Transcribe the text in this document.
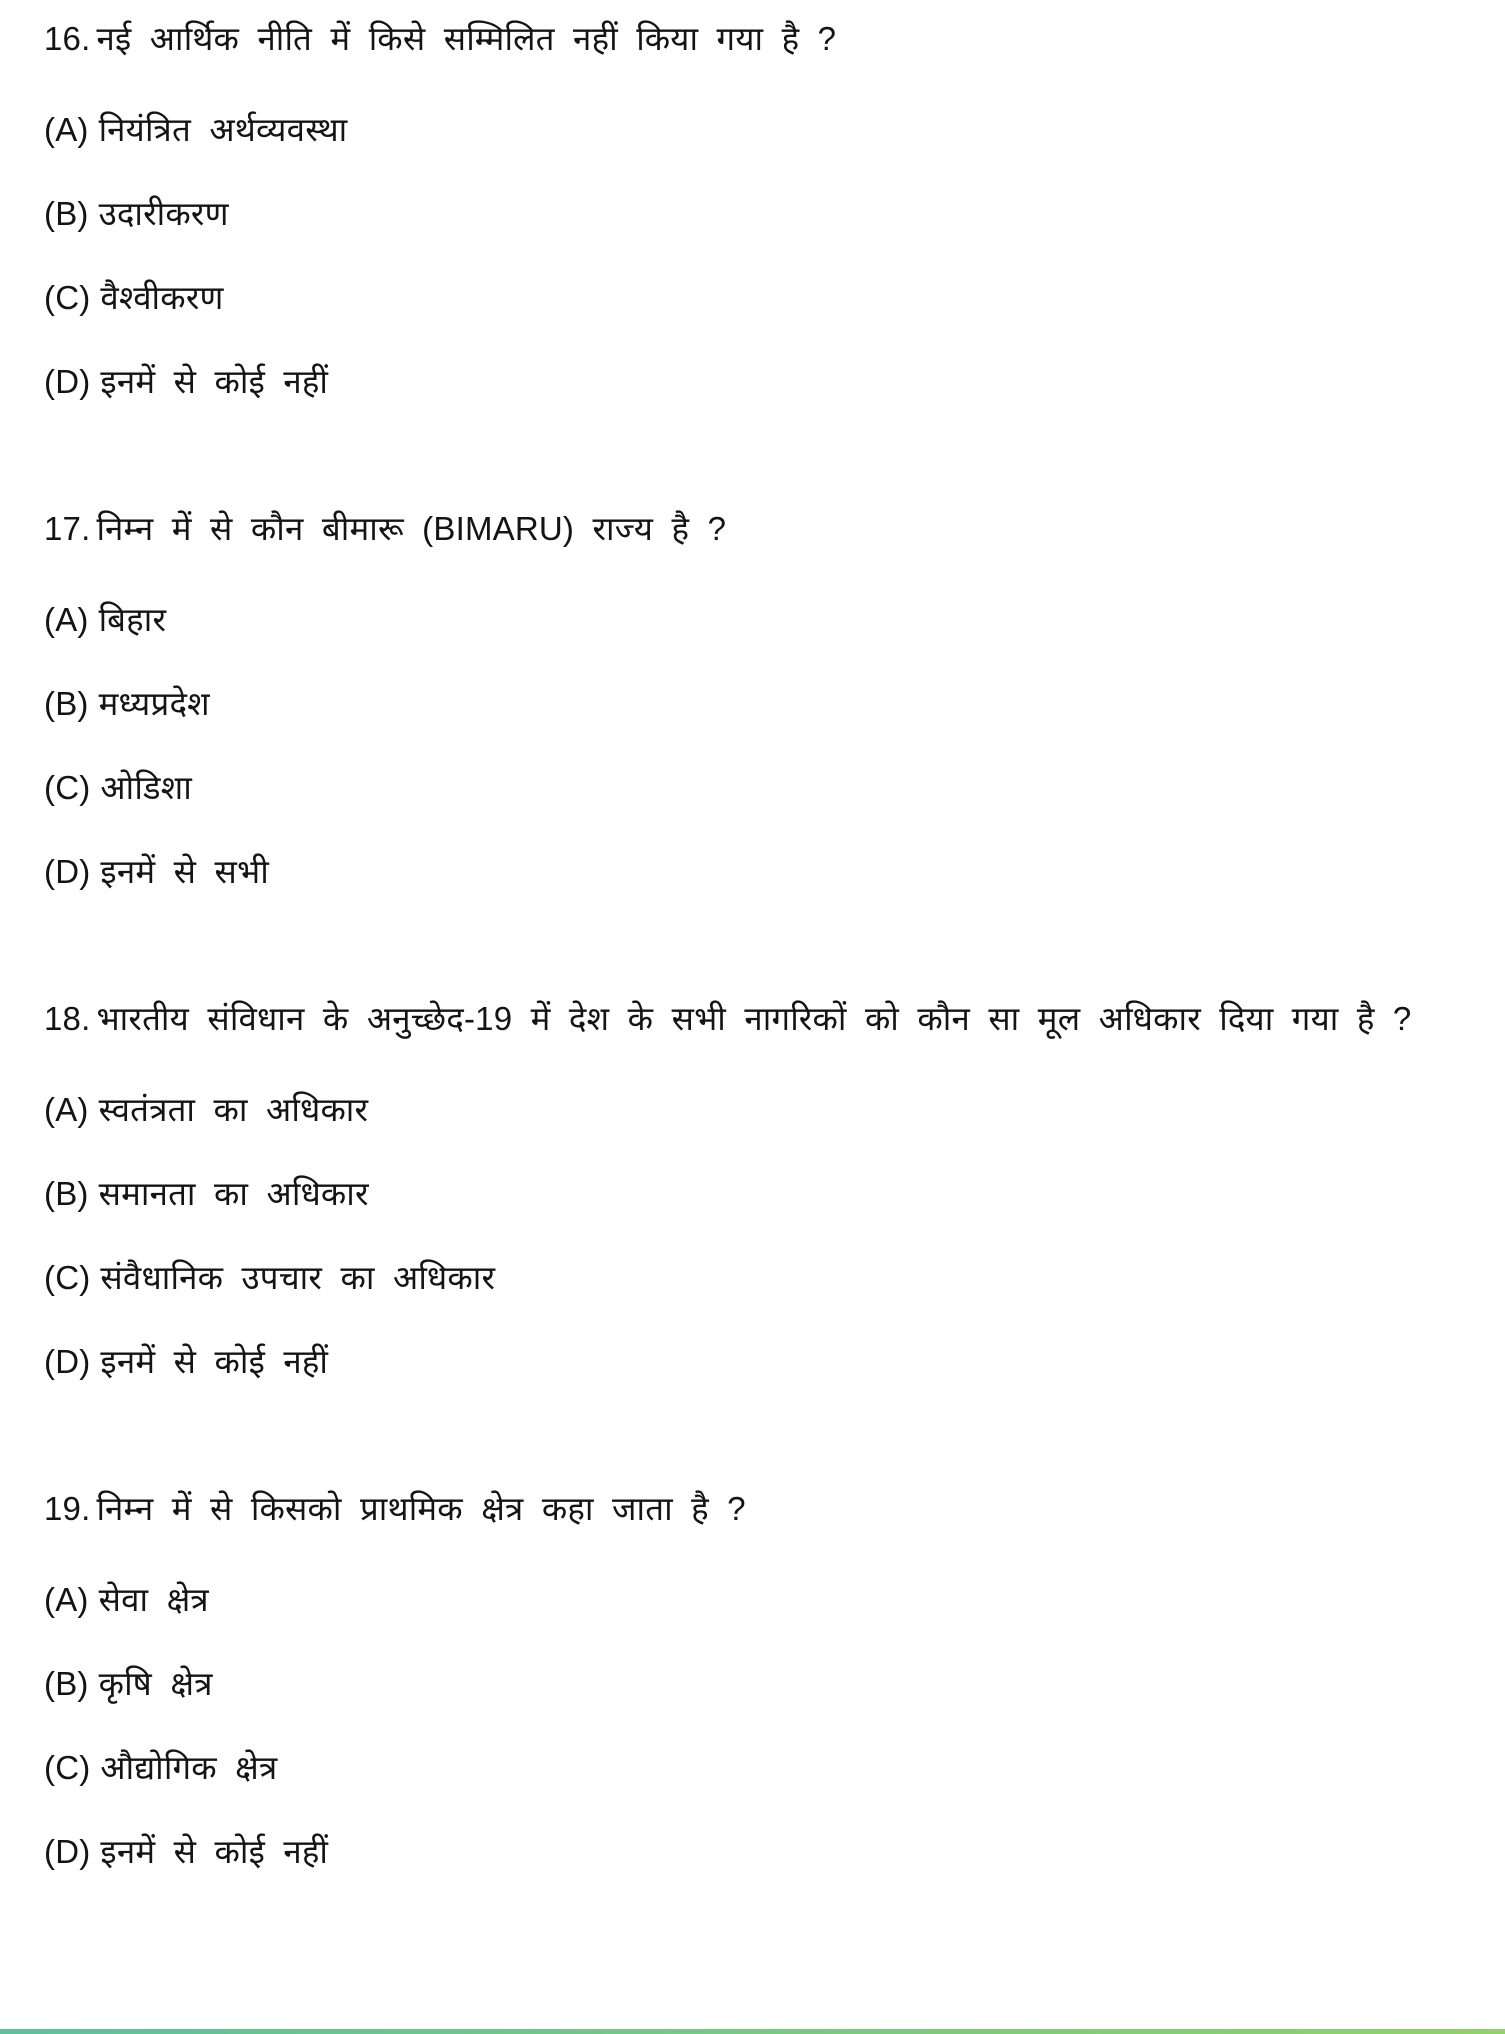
16. नई आर्थिक नीति में किसे सम्मिलित नहीं किया गया है ?

(A) नियंत्रित अर्थव्यवस्था
(B) उदारीकरण
(C) वैश्वीकरण
(D) इनमें से कोई नहीं

17. निम्न में से कौन बीमारू (BIMARU) राज्य है ?

(A) बिहार
(B) मध्यप्रदेश
(C) ओडिशा
(D) इनमें से सभी

18. भारतीय संविधान के अनुच्छेद-19 में देश के सभी नागरिकों को कौन सा मूल अधिकार दिया गया है ?

(A) स्वतंत्रता का अधिकार
(B) समानता का अधिकार
(C) संवैधानिक उपचार का अधिकार
(D) इनमें से कोई नहीं

19. निम्न में से किसको प्राथमिक क्षेत्र कहा जाता है ?

(A) सेवा क्षेत्र
(B) कृषि क्षेत्र
(C) औद्योगिक क्षेत्र
(D) इनमें से कोई नहीं
